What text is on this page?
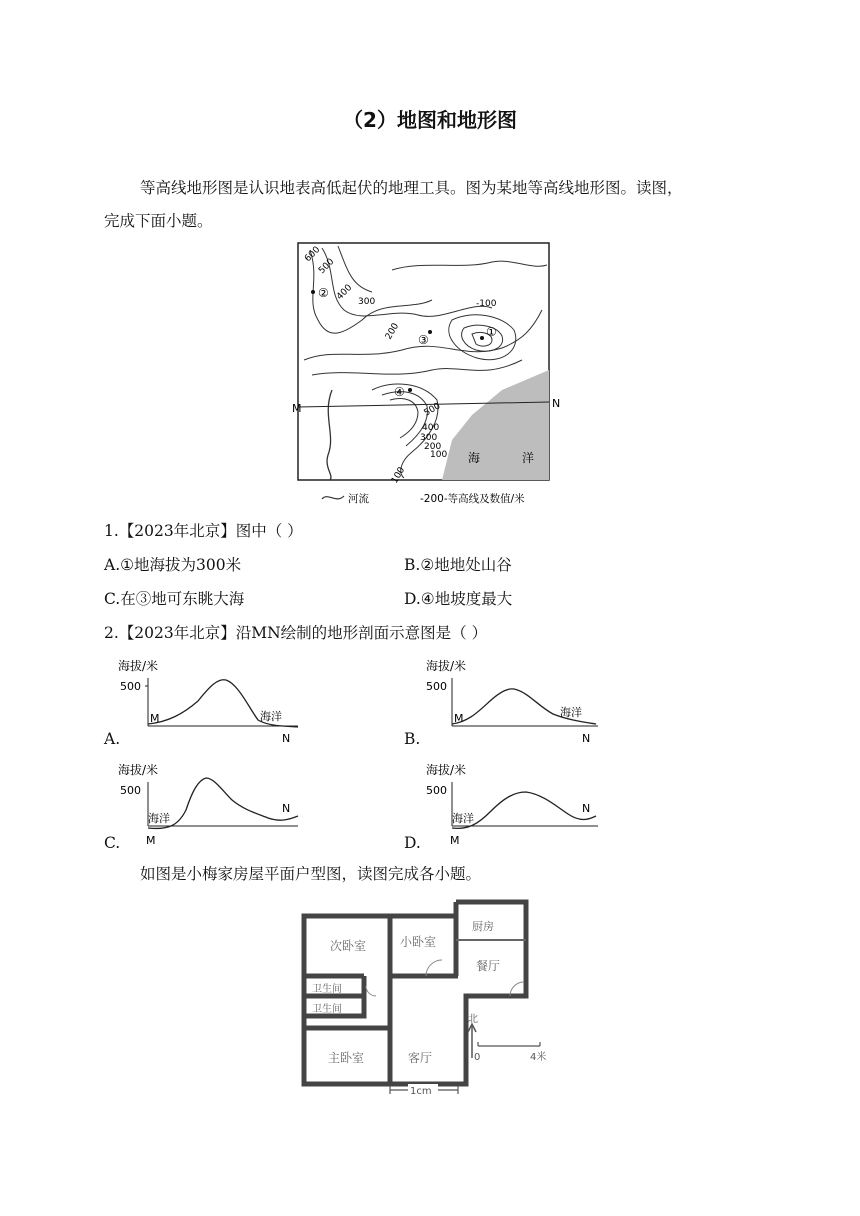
（2）地图和地形图
等高线地形图是认识地表高低起伏的地理工具。图为某地等高线地形图。读图，
完成下面小题。
②
③
①
④
600
500
400 300
200
-100
500
400
300
200
100
100
海	洋
M	N
河流	-200-等高线及数值/米
1.【2023年北京】图中（ ）
A.①地海拔为300米	B.②地地处山谷
C.在③地可东眺大海	D.④地坡度最大
2.【2023年北京】沿MN绘制的地形剖面示意图是（ ）
A.
海拔/米
500
M	海洋
N	B.
海拔/米
500
M	海洋
N
C.
海拔/米
500
海洋
M
N
D.
海拔/米
500
海洋
M
N
如图是小梅家房屋平面户型图，读图完成各小题。
次卧室	小卧室
厨房
餐厅
卫生间
卫生间
主卧室	客厅
北
0	4米
1cm
